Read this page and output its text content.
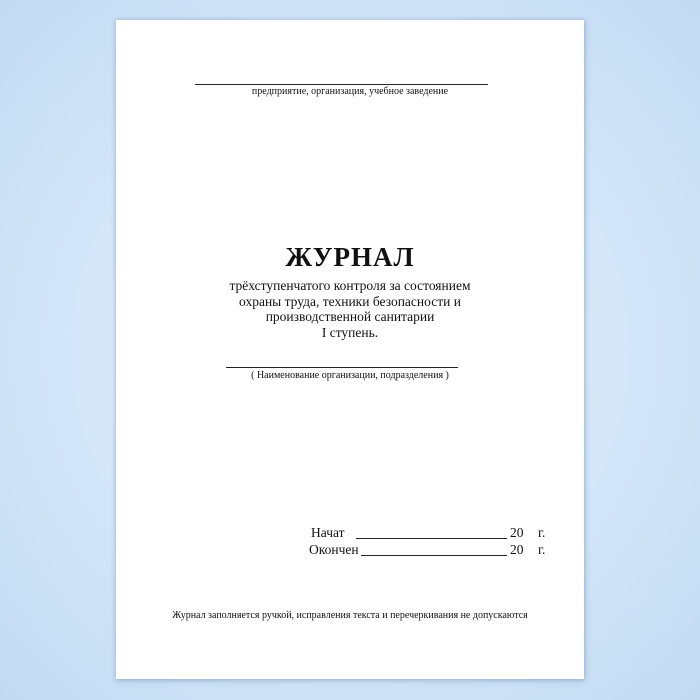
предприятие, организация, учебное заведение
ЖУРНАЛ
трёхступенчатого контроля за состоянием
охраны труда, техники безопасности и
производственной санитарии
I ступень.
( Наименование организации, подразделения )
Начат	20 г.
Окончен	20 г.
Журнал заполняется ручкой, исправления текста и перечеркивания не допускаются
